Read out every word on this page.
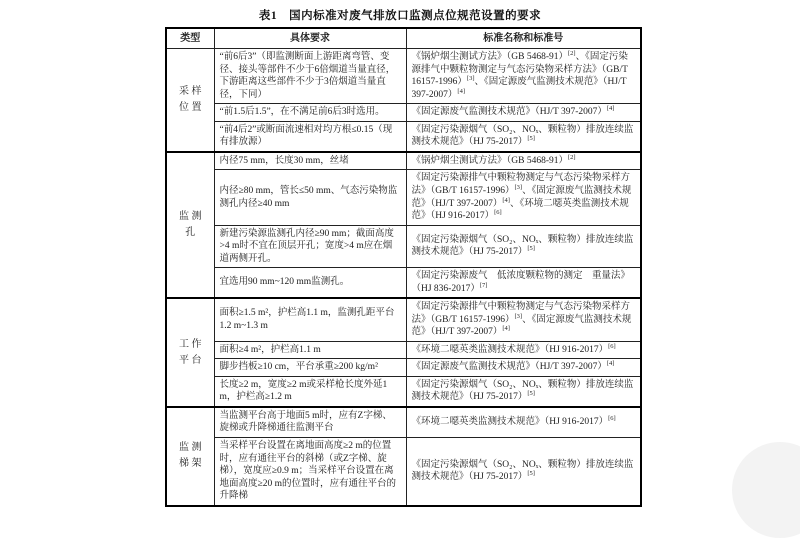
表1　国内标准对废气排放口监测点位规范设置的要求
类型	具体要求	标准名称和标准号
采 样 位 置	“前6后3”（即监测断面上游距离弯管、变径、接头等部件不少于6倍烟道当量直径，下游距离这些部件不少于3倍烟道当量直径，下同）	《锅炉烟尘测试方法》（GB 5468-91）[2]、《固定污染源排气中颗粒物测定与气态污染物采样方法》（GB/T 16157-1996）[3]、《固定源废气监测技术规范》（HJ/T 397-2007）[4]
	“前1.5后1.5”，在不满足前6后3时选用。	《固定源废气监测技术规范》（HJ/T 397-2007）[4]
	“前4后2”或断面流速相对均方根≤0.15（现有排放源）	《固定污染源烟气（SO₂、NOₓ、颗粒物）排放连续监测技术规范》（HJ 75-2017）[5]
监 测 孔	内径75 mm，长度30 mm，丝堵	《锅炉烟尘测试方法》（GB 5468-91）[2]
	内径≥80 mm，管长≤50 mm、气态污染物监测孔内径≥40 mm	《固定污染源排气中颗粒物测定与气态污染物采样方法》（GB/T 16157-1996）[3]、《固定源废气监测技术规范》（HJ/T 397-2007）[4]、《环境二噁英类监测技术规范》（HJ 916-2017）[6]
	新建污染源监测孔内径≥90 mm；截面高度>4 m时不宜在顶层开孔；宽度>4 m应在烟道两侧开孔。	《固定污染源烟气（SO₂、NOₓ、颗粒物）排放连续监测技术规范》（HJ 75-2017）[5]
	宜选用90 mm~120 mm监测孔。	《固定污染源废气　低浓度颗粒物的测定　重量法》（HJ 836-2017）[7]
工 作 平 台	面积≥1.5 m²，护栏高1.1 m，监测孔距平台1.2 m~1.3 m	《固定污染源排气中颗粒物测定与气态污染物采样方法》（GB/T 16157-1996）[3]、《固定源废气监测技术规范》（HJ/T 397-2007）[4]
	面积≥4 m²，护栏高1.1 m	《环境二噁英类监测技术规范》（HJ 916-2017）[6]
	脚步挡板≥10 cm，平台承重≥200 kg/m²	《固定源废气监测技术规范》（HJ/T 397-2007）[4]
	长度≥2 m，宽度≥2 m或采样枪长度外延1 m，护栏高≥1.2 m	《固定污染源烟气（SO₂、NOₓ、颗粒物）排放连续监测技术规范》（HJ 75-2017）[5]
监 测 梯 架	当监测平台高于地面5 m时，应有Z字梯、旋梯或升降梯通往监测平台	《环境二噁英类监测技术规范》（HJ 916-2017）[6]
	当采样平台设置在离地面高度≥2 m的位置时，应有通往平台的斜梯（或Z字梯、旋梯），宽度应≥0.9 m；当采样平台设置在离地面高度≥20 m的位置时，应有通往平台的升降梯	《固定污染源烟气（SO₂、NOₓ、颗粒物）排放连续监测技术规范》（HJ 75-2017）[5]
